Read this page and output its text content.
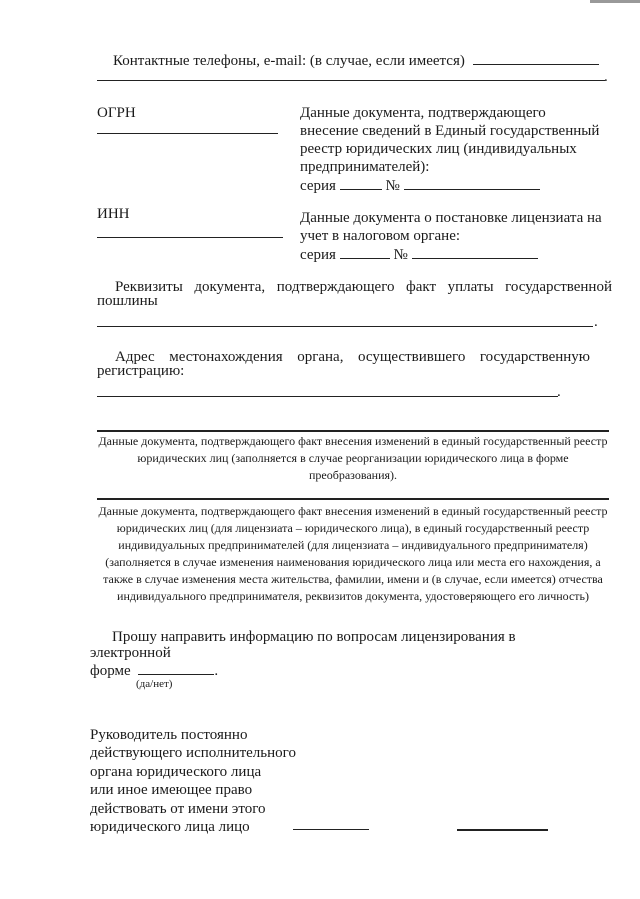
Контактные телефоны, e-mail: (в случае, если имеется)
.
ОГРН	Данные документа, подтверждающего внесение сведений в Единый государственный реестр юридических лиц (индивидуальных предпринимателей):
серия	№
ИНН	Данные документа о постановке лицензиата на учет в налоговом органе:
серия	№
Реквизиты документа, подтверждающего факт уплаты государственной
пошлины
.
Адрес местонахождения органа, осуществившего государственную
регистрацию:
.
Данные документа, подтверждающего факт внесения изменений в единый государственный реестр юридических лиц (заполняется в случае реорганизации юридического лица в форме преобразования).
Данные документа, подтверждающего факт внесения изменений в единый государственный реестр юридических лиц (для лицензиата – юридического лица), в единый государственный реестр индивидуальных предпринимателей (для лицензиата – индивидуального предпринимателя) (заполняется в случае изменения наименования юридического лица или места его нахождения, а также в случае изменения места жительства, фамилии, имени и (в случае, если имеется) отчества индивидуального предпринимателя, реквизитов документа, удостоверяющего его личность)
Прошу направить информацию по вопросам лицензирования в
электронной
форме	.
(да/нет)
Руководитель постоянно
действующего исполнительного
органа юридического лица
или иное имеющее право
действовать от имени этого
юридического лица лицо
